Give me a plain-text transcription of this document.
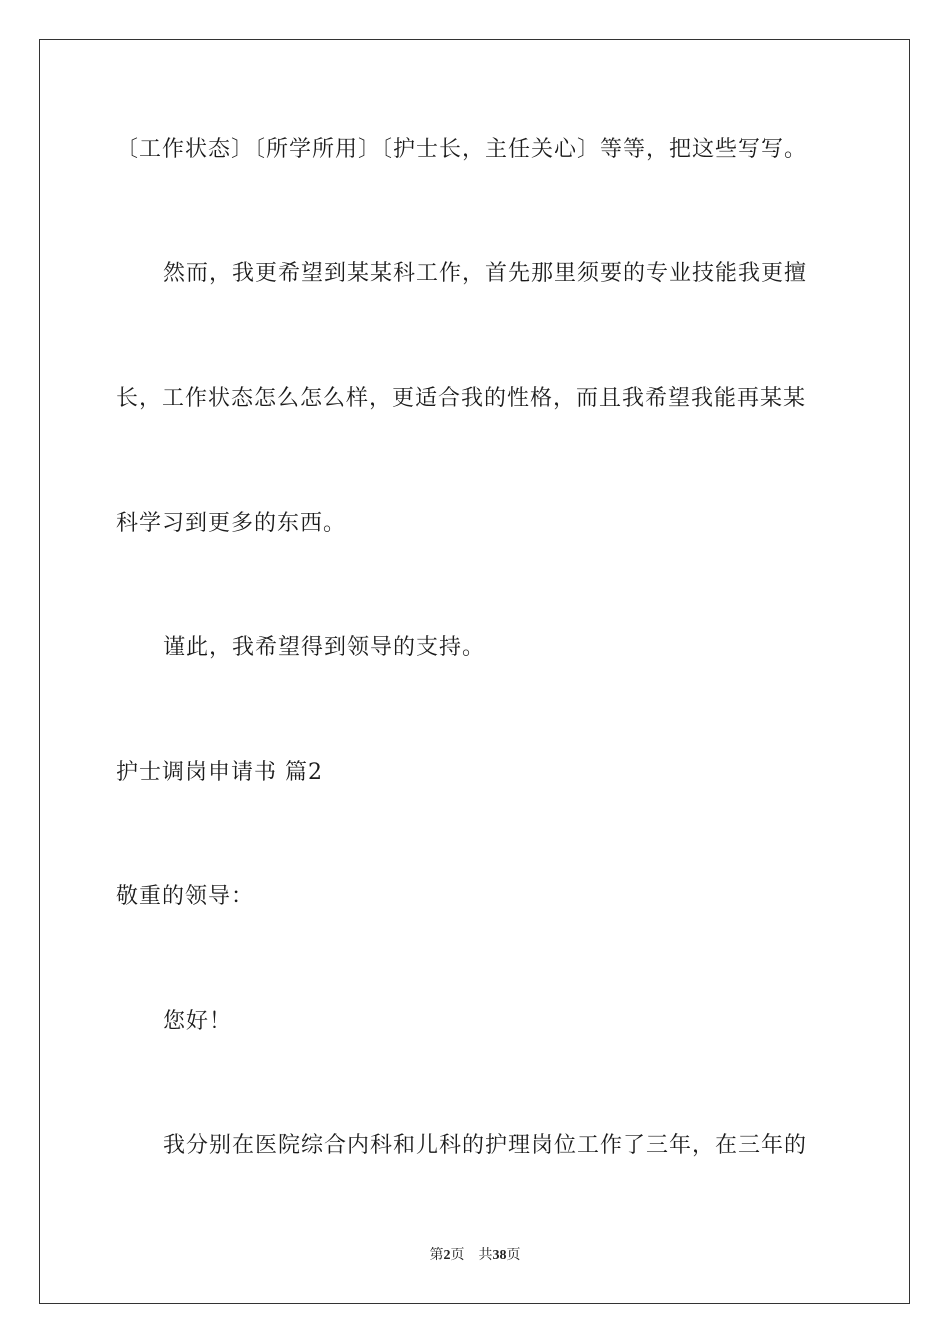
〔工作状态〕〔所学所用〕〔护士长，主任关心〕等等，把这些写写。
然而，我更希望到某某科工作，首先那里须要的专业技能我更擅
长，工作状态怎么怎么样，更适合我的性格，而且我希望我能再某某
科学习到更多的东西。
谨此，我希望得到领导的支持。
护士调岗申请书 篇2
敬重的领导：
您好！
我分别在医院综合内科和儿科的护理岗位工作了三年，在三年的
第2页 共38页
